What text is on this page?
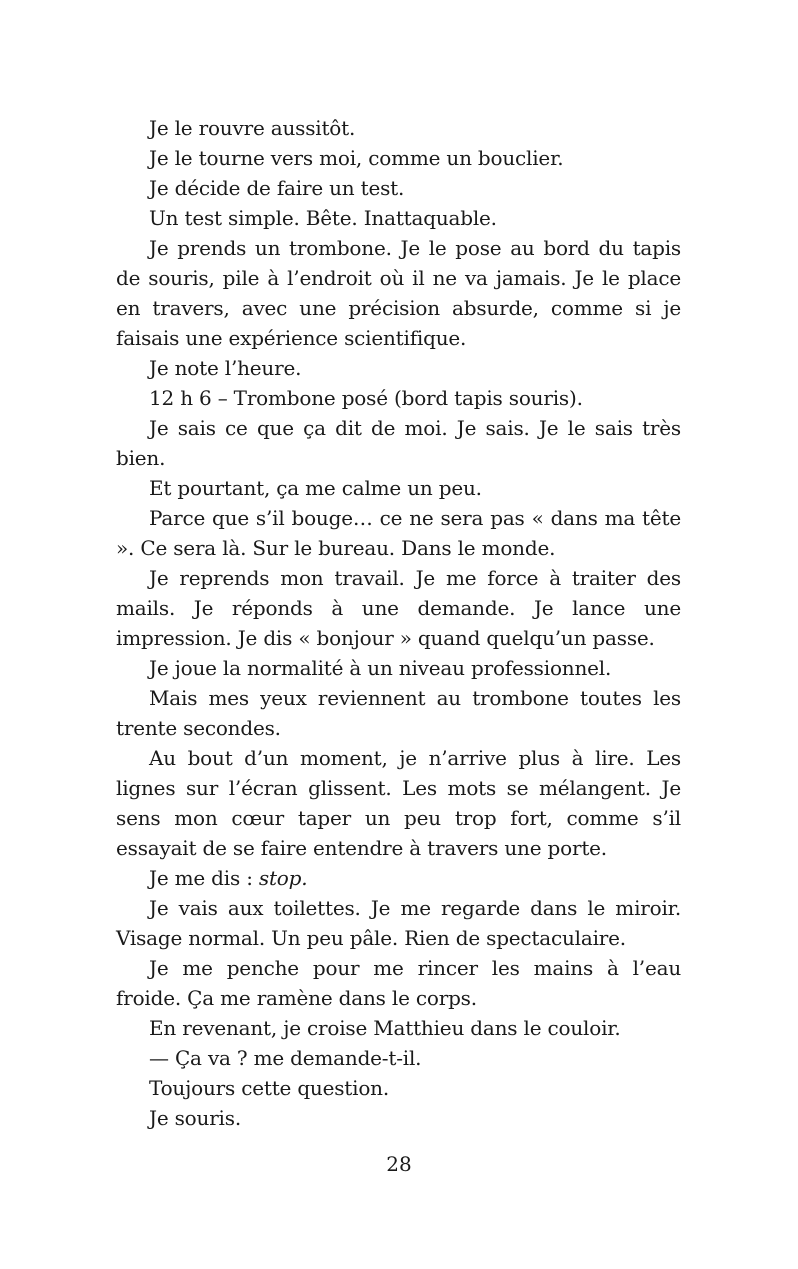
Je le rouvre aussitôt.

Je le tourne vers moi, comme un bouclier.

Je décide de faire un test.

Un test simple. Bête. Inattaquable.

Je prends un trombone. Je le pose au bord du tapis de souris, pile à l’endroit où il ne va jamais. Je le place en travers, avec une précision absurde, comme si je faisais une expérience scientifique.

Je note l’heure.

12 h 6 – Trombone posé (bord tapis souris).

Je sais ce que ça dit de moi. Je sais. Je le sais très bien.

Et pourtant, ça me calme un peu.

Parce que s’il bouge… ce ne sera pas « dans ma tête ». Ce sera là. Sur le bureau. Dans le monde.

Je reprends mon travail. Je me force à traiter des mails. Je réponds à une demande. Je lance une impression. Je dis « bonjour » quand quelqu’un passe.

Je joue la normalité à un niveau professionnel.

Mais mes yeux reviennent au trombone toutes les trente secondes.

Au bout d’un moment, je n’arrive plus à lire. Les lignes sur l’écran glissent. Les mots se mélangent. Je sens mon cœur taper un peu trop fort, comme s’il essayait de se faire entendre à travers une porte.

Je me dis : stop.

Je vais aux toilettes. Je me regarde dans le miroir. Visage normal. Un peu pâle. Rien de spectaculaire.

Je me penche pour me rincer les mains à l’eau froide. Ça me ramène dans le corps.

En revenant, je croise Matthieu dans le couloir.

— Ça va ? me demande-t-il.

Toujours cette question.

Je souris.

28
